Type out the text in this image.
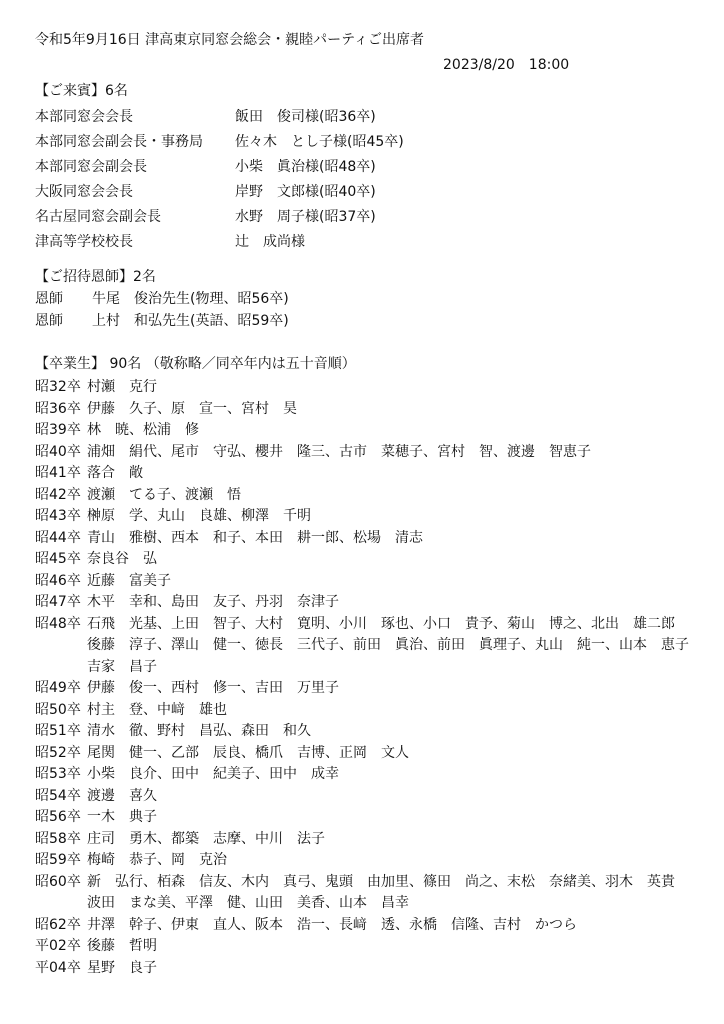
令和5年9月16日 津高東京同窓会総会・親睦パーティご出席者
2023/8/20　18:00
【ご来賓】6名
本部同窓会会長	飯田　俊司様(昭36卒)
本部同窓会副会長・事務局	佐々木　とし子様(昭45卒)
本部同窓会副会長	小柴　眞治様(昭48卒)
大阪同窓会会長	岸野　文郎様(昭40卒)
名古屋同窓会副会長	水野　周子様(昭37卒)
津高等学校校長	辻　成尚様
【ご招待恩師】2名
恩師	牛尾　俊治先生(物理、昭56卒)
恩師	上村　和弘先生(英語、昭59卒)
【卒業生】 90名 （敬称略／同卒年内は五十音順）
昭32卒 村瀬　克行
昭36卒 伊藤　久子、原　宣一、宮村　昊
昭39卒 林　暁、松浦　修
昭40卒 浦畑　絹代、尾市　守弘、櫻井　隆三、古市　菜穂子、宮村　智、渡邊　智恵子
昭41卒 落合　敞
昭42卒 渡瀬　てる子、渡瀬　悟
昭43卒 榊原　学、丸山　良雄、柳澤　千明
昭44卒 青山　雅樹、西本　和子、本田　耕一郎、松場　清志
昭45卒 奈良谷　弘
昭46卒 近藤　富美子
昭47卒 木平　幸和、島田　友子、丹羽　奈津子
昭48卒 石飛　光基、上田　智子、大村　寛明、小川　琢也、小口　貴予、菊山　博之、北出　雄二郎
後藤　淳子、澤山　健一、徳長　三代子、前田　眞治、前田　眞理子、丸山　純一、山本　恵子
吉家　昌子
昭49卒 伊藤　俊一、西村　修一、吉田　万里子
昭50卒 村主　登、中﨑　雄也
昭51卒 清水　徹、野村　昌弘、森田　和久
昭52卒 尾関　健一、乙部　辰良、橋爪　吉博、正岡　文人
昭53卒 小柴　良介、田中　紀美子、田中　成幸
昭54卒 渡邊　喜久
昭56卒 一木　典子
昭58卒 庄司　勇木、都築　志摩、中川　法子
昭59卒 梅崎　恭子、岡　克治
昭60卒 新　弘行、栢森　信友、木内　真弓、鬼頭　由加里、篠田　尚之、末松　奈緒美、羽木　英貴
波田　まな美、平澤　健、山田　美香、山本　昌幸
昭62卒 井澤　幹子、伊東　直人、阪本　浩一、長﨑　透、永橋　信隆、吉村　かつら
平02卒 後藤　哲明
平04卒 星野　良子
